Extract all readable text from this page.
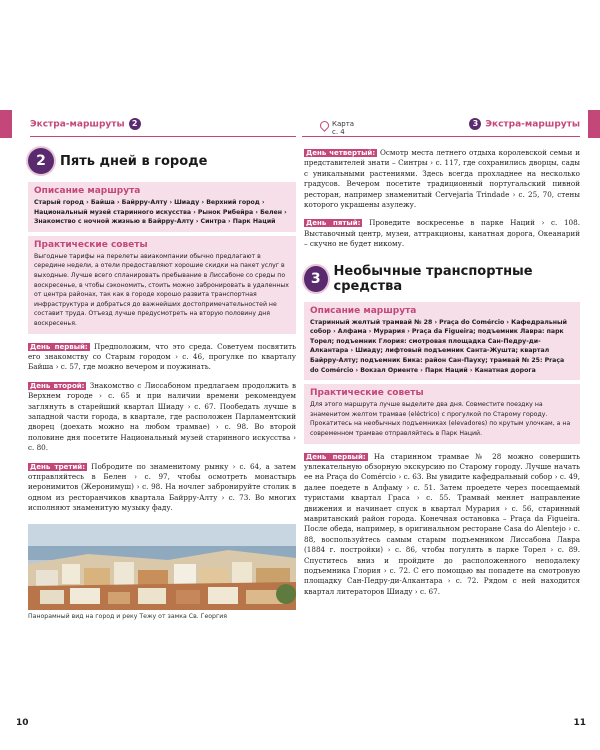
Экстра-маршруты 2	Карта
с. 4
3 Экстра-маршруты
2	Пять дней в городе
Описание маршрута

Старый город › Байша › Байрру-Алту › Шиаду › Верхний город › Национальный музей старинного искусства › Рынок Рибейра › Белен › Знакомство с ночной жизнью в Байрру-Алту › Синтра › Парк Наций

Практические советы

Выгодные тарифы на перелеты авиакомпании обычно предлагают в середине недели, а отели предоставляют хорошие скидки на пакет услуг в выходные. Лучше всего спланировать пребывание в Лиссабоне со среды по воскресенье, в чтобы сэкономить, стоить можно забронировать в удаленных от центра районах, так как в городе хорошо развита транспортная инфраструктура и добраться до важнейших достопримечательностей не составит труда. Отъезд лучше предусмотреть на вторую половину дня воскресенья.

День первый: Предположим, что это среда. Советуем посвятить его знакомству со Старым городом › с. 46, прогулке по кварталу Байша › с. 57, где можно вечером и поужинать.

День второй: Знакомство с Лиссабоном предлагаем продолжить в Верхнем городе › с. 65 и при наличии времени рекомендуем заглянуть в старейший квартал Шиаду › с. 67. Пообедать лучше в западной части города, в квартале, где расположен Парламентский дворец (доехать можно на любом трамвае) › с. 98. Во второй половине дня посетите Национальный музей старинного искусства › с. 80.

День третий: Побродите по знаменитому рынку › с. 64, а затем отправляйтесь в Белен › с. 97, чтобы осмотреть монастырь иеронимитов (Жеронимуш) › с. 98. На ночлег забронируйте столик в одном из ресторанчиков квартала Байрру-Алту › с. 73. Во многих исполняют знаменитую музыку фаду.

Панорамный вид на город и реку Тежу от замка Св. Георгия

День четвертый: Осмотр места летнего отдыха королевской семьи и представителей знати – Синтры › с. 117, где сохранились дворцы, сады с уникальными растениями. Здесь всегда прохладнее на несколько градусов. Вечером посетите традиционный португальский пивной ресторан, например знаменитый Cervejaria Trindade › с. 25, 70, стены которого украшены азулежу.

День пятый: Проведите воскресенье в парке Наций › с. 108. Выставочный центр, музеи, аттракционы, канатная дорога, Океанарий – скучно не будет никому.

3 Необычные транспортные средства
Описание маршрута

Старинный желтый трамвай № 28 › Praça do Comércio › Кафедральный собор › Алфама › Мурария › Praça da Figueira; подъемник Лавра: парк Торел; подъемник Глория: смотровая площадка Сан-Педру-ди-Алкантара › Шиаду; лифтовый подъемник Санта-Жушта; квартал Байрру-Алту; подъемник Бика: район Сан-Пауху; трамвай № 25: Praça do Comércio › Вокзал Ориенте › Парк Наций › Канатная дорога

Практические советы

Для этого маршрута лучше выделите два дня. Совместите поездку на знаменитом желтом трамвае (eléctrico) с прогулкой по Старому городу. Прокатитесь на необычных подъемниках (elevadores) по крутым улочкам, а на современном трамвае отправляйтесь в Парк Наций.

День первый: На старинном трамвае № 28 можно совершить увлекательную обзорную экскурсию по Старому городу. Лучше начать ее на Praça do Comércio › с. 63. Вы увидите кафедральный собор › с. 49, далее поедете в Алфаму › с. 51. Затем проедете через посещаемый туристами квартал Граса › с. 55. Трамвай меняет направление движения и начинает спуск в квартал Мурария › с. 56, старинный мавританский район города. Конечная остановка – Praça da Figueira. После обеда, например, в оригинальном ресторане Casa do Alentejo › с. 88, воспользуйтесь самым старым подъемником Лиссабона Лавра (1884 г. постройки) › с. 86, чтобы погулять в парке Торел › с. 89. Спуститесь вниз и пройдите до расположенного неподалеку подъемника Глория › с. 72. С его помощью вы попадете на смотровую площадку Сан-Педру-ди-Алкантара › с. 72. Рядом с ней находится квартал литераторов Шиаду › с. 67.

10	11
